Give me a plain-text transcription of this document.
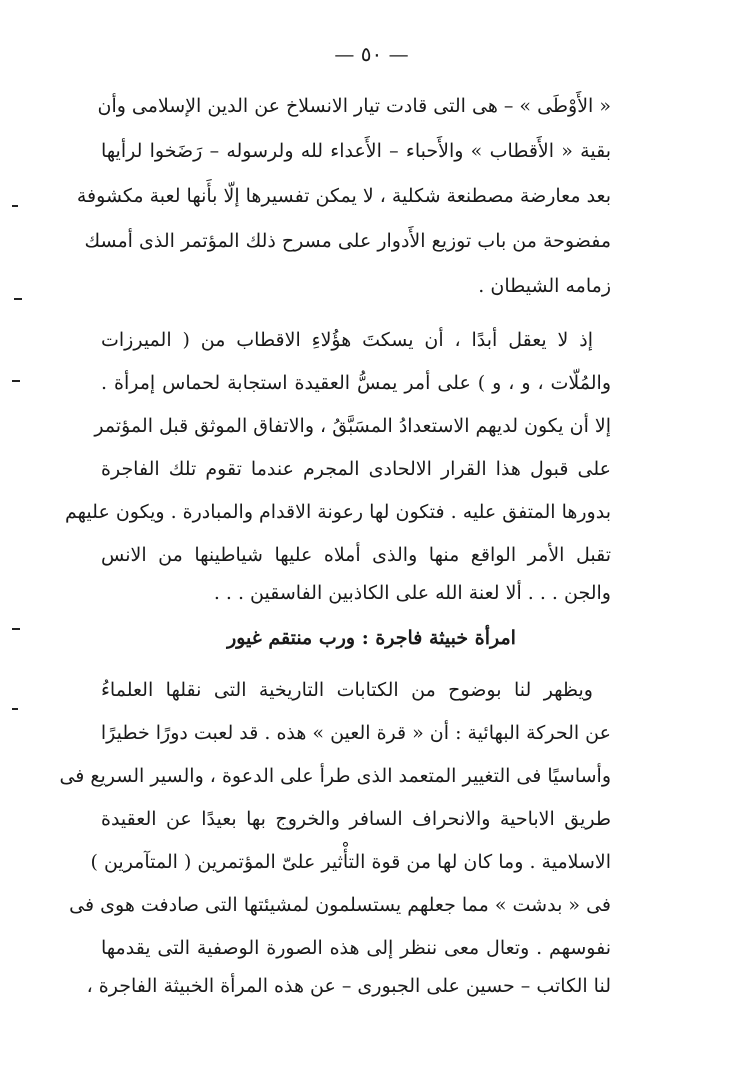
— ٥٠ —
« الأَوْطَى » – هى التى قادت تيار الانسلاخ عن الدين الإسلامى وأن
بقية « الأَقطاب » والأَحباء – الأَعداء لله ولرسوله – رَضَخوا لرأيها
بعد معارضة مصطنعة شكلية ، لا يمكن تفسيرها إلّا بأَنها لعبة مكشوفة
مفضوحة من باب توزيع الأَدوار على مسرح ذلك المؤتمر الذى أمسك
زمامه الشيطان .
إذ لا يعقل أبدًا ، أن يسكتَ هؤُلاءِ الاقطاب من ( الميرزات
والمُلّات ، و ، و ) على أمر يمسُّ العقيدة استجابة لحماس إمرأة .
إلا أن يكون لديهم الاستعدادُ المسَبَّقُ ، والاتفاق الموثق قبل المؤتمر
على قبول هذا القرار الالحادى المجرم عندما تقوم تلك الفاجرة
بدورها المتفق عليه . فتكون لها رعونة الاقدام والمبادرة . ويكون عليهم
تقبل الأمر الواقع منها والذى أملاه عليها شياطينها من الانس
والجن . . . ألا لعنة الله على الكاذبين الفاسقين . . .
امرأة خبيثة فاجرة : ورب منتقم غيور
ويظهر لنا بوضوح من الكتابات التاريخية التى نقلها العلماءُ
عن الحركة البهائية : أن « قرة العين » هذه . قد لعبت دورًا خطيرًا
وأساسيًا فى التغيير المتعمد الذى طرأ على الدعوة ، والسير السريع فى
طريق الاباحية والانحراف السافر والخروج بها بعيدًا عن العقيدة
الاسلامية . وما كان لها من قوة التأْثير علىّ المؤتمرين ( المتآمرين )
فى « بدشت » مما جعلهم يستسلمون لمشيئتها التى صادفت هوى فى
نفوسهم . وتعال معى ننظر إلى هذه الصورة الوصفية التى يقدمها
لنا الكاتب – حسين على الجبورى – عن هذه المرأة الخبيثة الفاجرة ،
